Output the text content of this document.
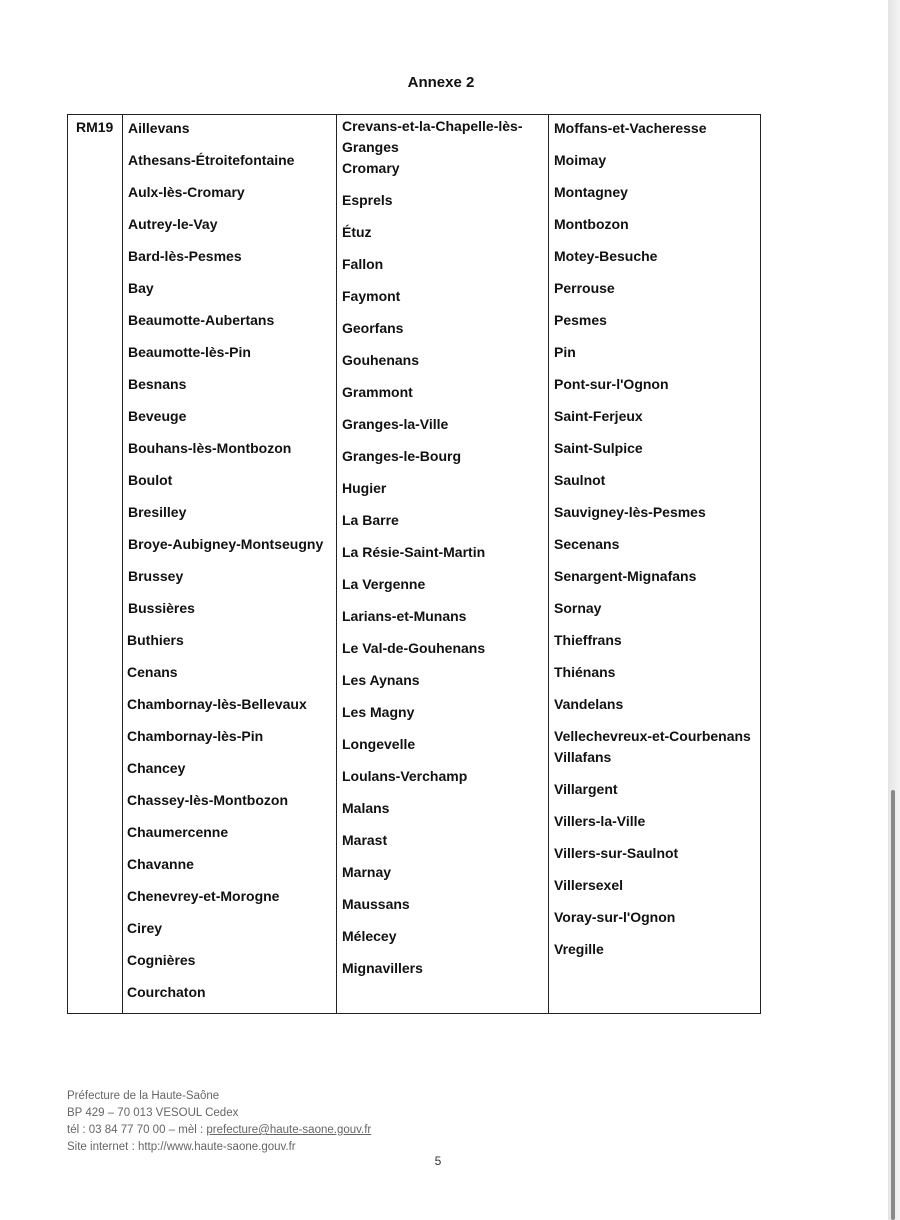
Annexe 2
RM19 Aillevans
Athesans-Étroitefontaine
Aulx-lès-Cromary
Autrey-le-Vay
Bard-lès-Pesmes
Bay
Beaumotte-Aubertans
Beaumotte-lès-Pin
Besnans
Beveuge
Bouhans-lès-Montbozon
Boulot
Bresilley
Broye-Aubigney-Montseugny
Brussey
Bussières
Buthiers
Cenans
Chambornay-lès-Bellevaux
Chambornay-lès-Pin
Chancey
Chassey-lès-Montbozon
Chaumercenne
Chavanne
Chenevrey-et-Morogne
Cirey
Cognières
Courchaton
Crevans-et-la-Chapelle-lès-Granges
Cromary
Esprels
Étuz
Fallon
Faymont
Georfans
Gouhenans
Grammont
Granges-la-Ville
Granges-le-Bourg
Hugier
La Barre
La Résie-Saint-Martin
La Vergenne
Larians-et-Munans
Le Val-de-Gouhenans
Les Aynans
Les Magny
Longevelle
Loulans-Verchamp
Malans
Marast
Marnay
Maussans
Mélecey
Mignavillers
Moffans-et-Vacheresse
Moimay
Montagney
Montbozon
Motey-Besuche
Perrouse
Pesmes
Pin
Pont-sur-l'Ognon
Saint-Ferjeux
Saint-Sulpice
Saulnot
Sauvigney-lès-Pesmes
Secenans
Senargent-Mignafans
Sornay
Thieffrans
Thiénans
Vandelans
Vellechevreux-et-Courbenans
Villafans
Villargent
Villers-la-Ville
Villers-sur-Saulnot
Villersexel
Voray-sur-l'Ognon
Vregille
Préfecture de la Haute-Saône
BP 429 – 70 013 VESOUL Cedex
tél : 03 84 77 70 00 – mèl : prefecture@haute-saone.gouv.fr
Site internet : http://www.haute-saone.gouv.fr
5
